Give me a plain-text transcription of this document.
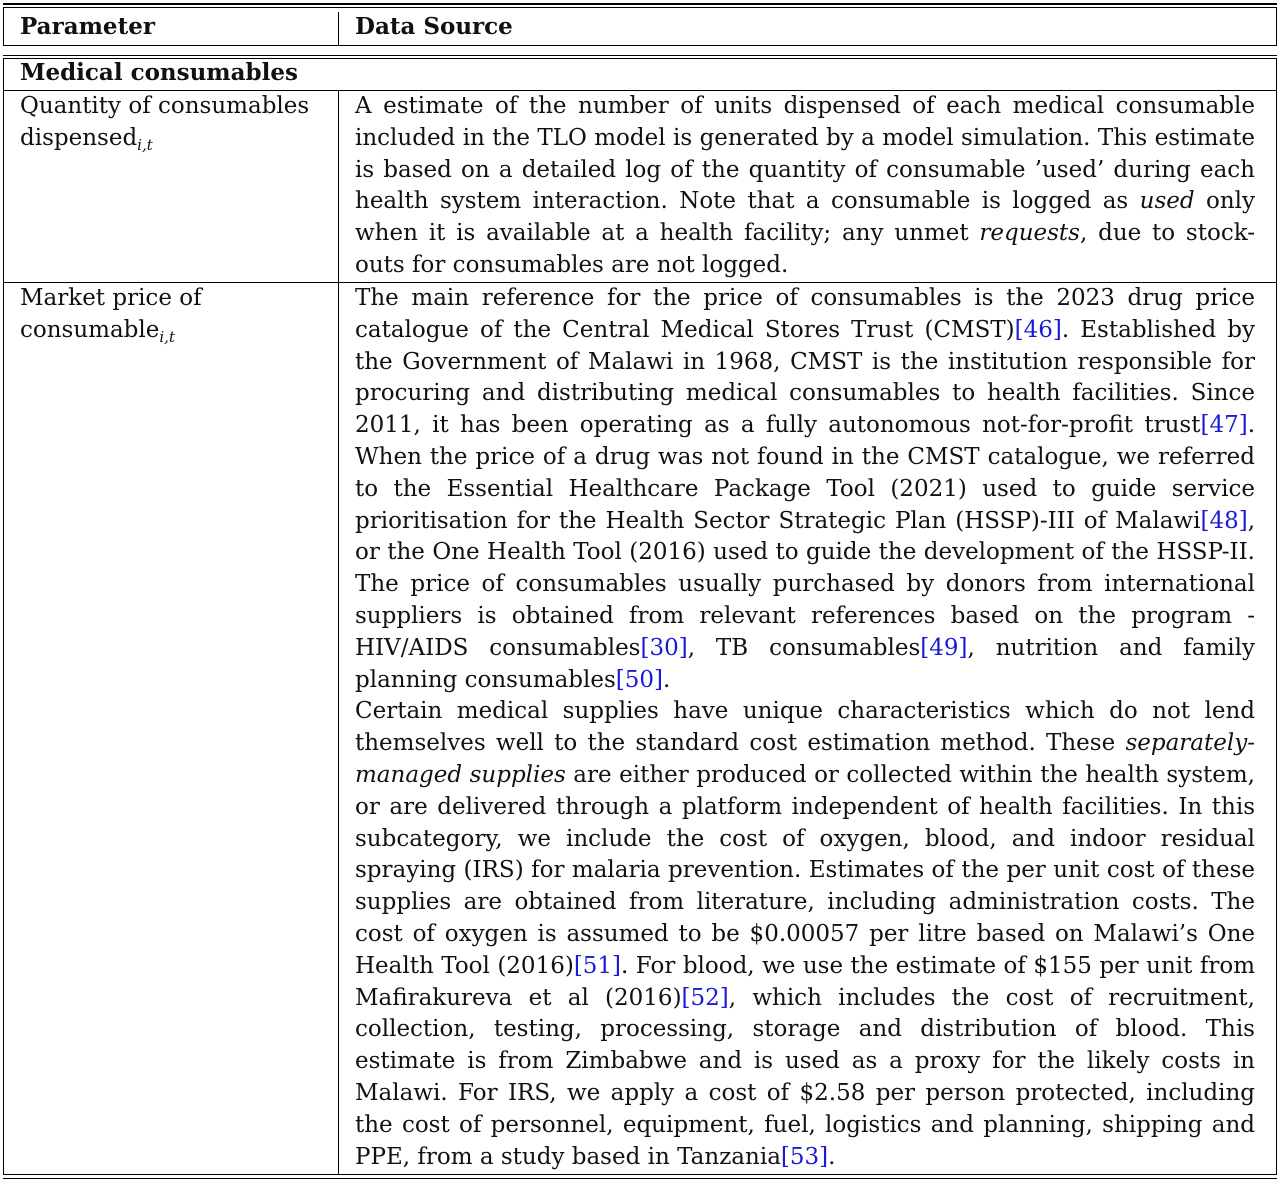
Parameter	Data Source
Medical consumables
Quantity of consumables
dispensed$_{i,t}$

A estimate of the number of units dispensed of each medical consumable included in the TLO model is generated by a model simulation. This estimate is based on a detailed log of the quantity of consumable ’used’ during each health system interaction. Note that a consumable is logged as used only when it is available at a health facility; any unmet requests, due to stock-outs for consumables are not logged.

Market price of
consumable$_{i,t}$

The main reference for the price of consumables is the 2023 drug price catalogue of the Central Medical Stores Trust (CMST)[46]. Established by the Government of Malawi in 1968, CMST is the institution responsible for procuring and distributing medical consumables to health facilities. Since 2011, it has been operating as a fully autonomous not-for-profit trust[47]. When the price of a drug was not found in the CMST catalogue, we referred to the Essential Healthcare Package Tool (2021) used to guide service prioritisation for the Health Sector Strategic Plan (HSSP)-III of Malawi[48], or the One Health Tool (2016) used to guide the development of the HSSP-II. The price of consumables usually purchased by donors from international suppliers is obtained from relevant references based on the program - HIV/AIDS consumables[30], TB consumables[49], nutrition and family planning consumables[50].

Certain medical supplies have unique characteristics which do not lend themselves well to the standard cost estimation method. These separately-managed supplies are either produced or collected within the health system, or are delivered through a platform independent of health facilities. In this subcategory, we include the cost of oxygen, blood, and indoor residual spraying (IRS) for malaria prevention. Estimates of the per unit cost of these supplies are obtained from literature, including administration costs. The cost of oxygen is assumed to be $0.00057 per litre based on Malawi’s One Health Tool (2016)[51]. For blood, we use the estimate of $155 per unit from Mafirakureva et al (2016)[52], which includes the cost of recruitment, collection, testing, processing, storage and distribution of blood. This estimate is from Zimbabwe and is used as a proxy for the likely costs in Malawi. For IRS, we apply a cost of $2.58 per person protected, including the cost of personnel, equipment, fuel, logistics and planning, shipping and PPE, from a study based in Tanzania[53].
